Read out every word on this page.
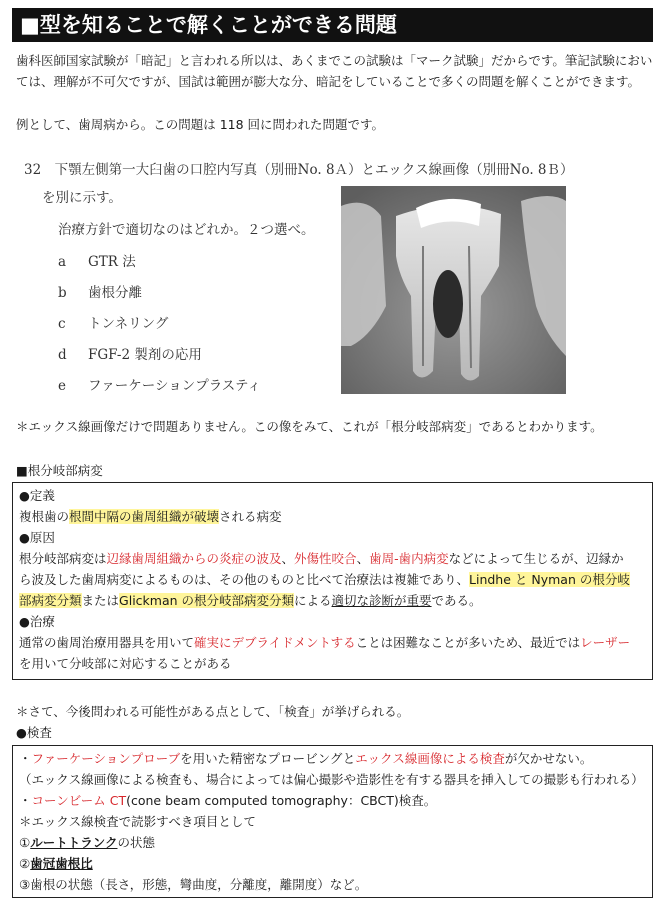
■型を知ることで解くことができる問題
歯科医師国家試験が「暗記」と言われる所以は、あくまでこの試験は「マーク試験」だからです。筆記試験におい
ては、理解が不可欠ですが、国試は範囲が膨大な分、暗記をしていることで多くの問題を解くことができます。
例として、歯周病から。この問題は 118 回に問われた問題です。
32　下顎左側第一大臼歯の口腔内写真（別冊No. 8Ａ）とエックス線画像（別冊No. 8Ｂ）
を別に示す。
治療方針で適切なのはどれか。２つ選べ。
a GTR 法
b 歯根分離
c トンネリング
d FGF-2 製剤の応用
e ファーケーションプラスティ
＊エックス線画像だけで問題ありません。この像をみて、これが「根分岐部病変」であるとわかります。
■根分岐部病変
●定義
複根歯の根間中隔の歯周組織が破壊される病変
●原因
根分岐部病変は辺縁歯周組織からの炎症の波及、外傷性咬合、歯周-歯内病変などによって生じるが、辺縁か
ら波及した歯周病変によるものは、その他のものと比べて治療法は複雑であり、Lindhe と Nyman の根分岐
部病変分類またはGlickman の根分岐部病変分類による適切な診断が重要である。
●治療
通常の歯周治療用器具を用いて確実にデブライドメントすることは困難なことが多いため、最近ではレーザー
を用いて分岐部に対応することがある
＊さて、今後問われる可能性がある点として、「検査」が挙げられる。
●検査
・ファーケーションプローブを用いた精密なプロービングとエックス線画像による検査が欠かせない。
（エックス線画像による検査も、場合によっては偏心撮影や造影性を有する器具を挿入しての撮影も行われる）
・コーンビーム CT(cone beam computed tomography：CBCT)検査。
＊エックス線検査で読影すべき項目として
①ルートトランクの状態
②歯冠歯根比
③歯根の状態（長さ，形態，彎曲度，分離度，離開度）など。
